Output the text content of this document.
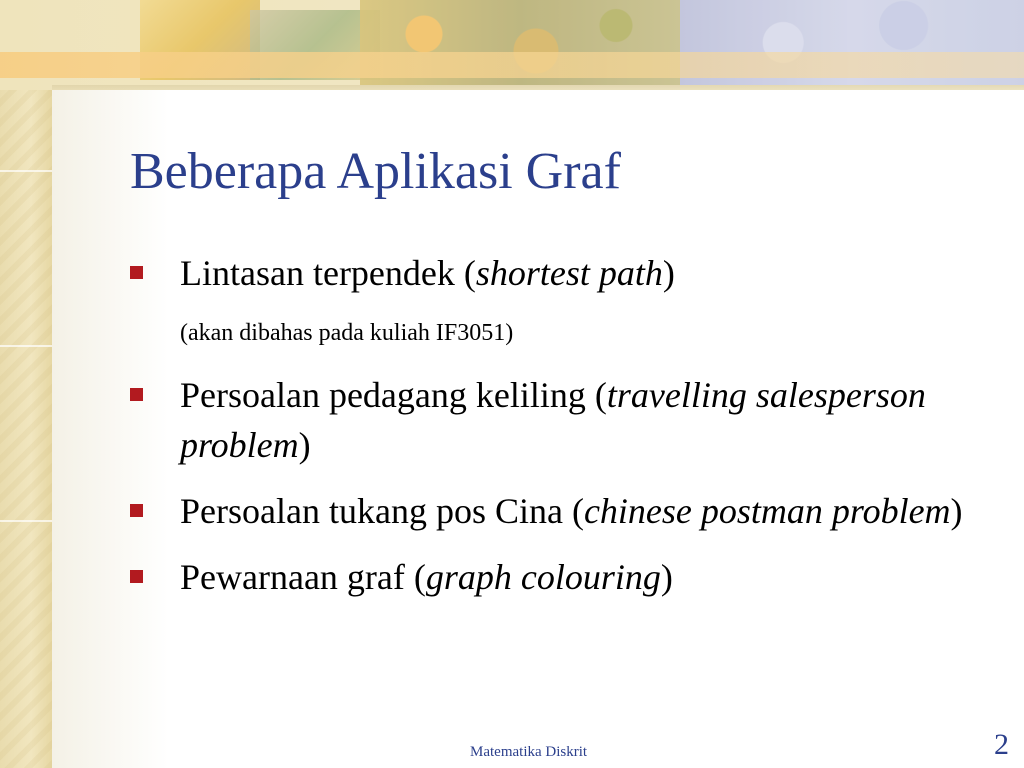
Beberapa Aplikasi Graf
Lintasan terpendek (shortest path)
(akan dibahas pada kuliah IF3051)
Persoalan pedagang keliling (travelling salesperson problem)
Persoalan tukang pos Cina (chinese postman problem)
Pewarnaan graf (graph colouring)
Matematika Diskrit	2
